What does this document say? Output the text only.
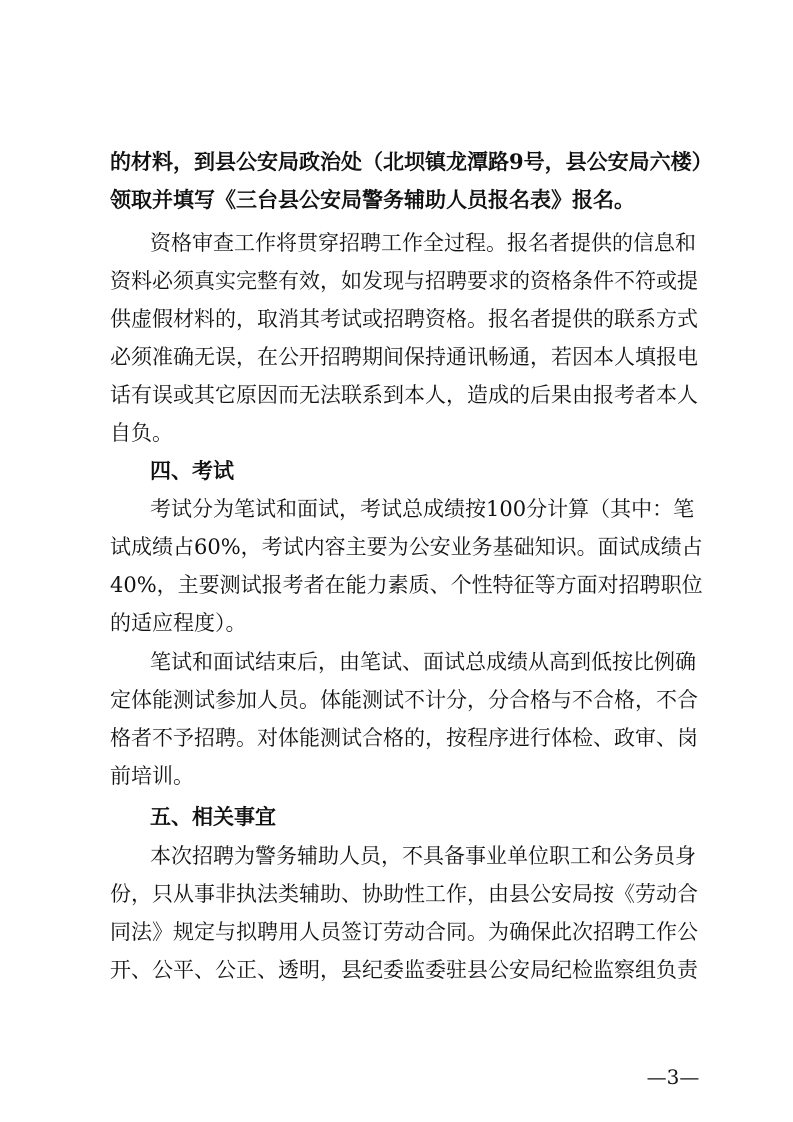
的材料，到县公安局政治处（北坝镇龙潭路9号，县公安局六楼）
领取并填写《三台县公安局警务辅助人员报名表》报名。
资格审查工作将贯穿招聘工作全过程。报名者提供的信息和
资料必须真实完整有效，如发现与招聘要求的资格条件不符或提
供虚假材料的，取消其考试或招聘资格。报名者提供的联系方式
必须准确无误，在公开招聘期间保持通讯畅通，若因本人填报电
话有误或其它原因而无法联系到本人，造成的后果由报考者本人
自负。
四、考试
考试分为笔试和面试，考试总成绩按100分计算（其中：笔
试成绩占60%，考试内容主要为公安业务基础知识。面试成绩占
40%，主要测试报考者在能力素质、个性特征等方面对招聘职位
的适应程度）。
笔试和面试结束后，由笔试、面试总成绩从高到低按比例确
定体能测试参加人员。体能测试不计分，分合格与不合格，不合
格者不予招聘。对体能测试合格的，按程序进行体检、政审、岗
前培训。
五、相关事宜
本次招聘为警务辅助人员，不具备事业单位职工和公务员身
份，只从事非执法类辅助、协助性工作，由县公安局按《劳动合
同法》规定与拟聘用人员签订劳动合同。为确保此次招聘工作公
开、公平、公正、透明，县纪委监委驻县公安局纪检监察组负责
—3—
